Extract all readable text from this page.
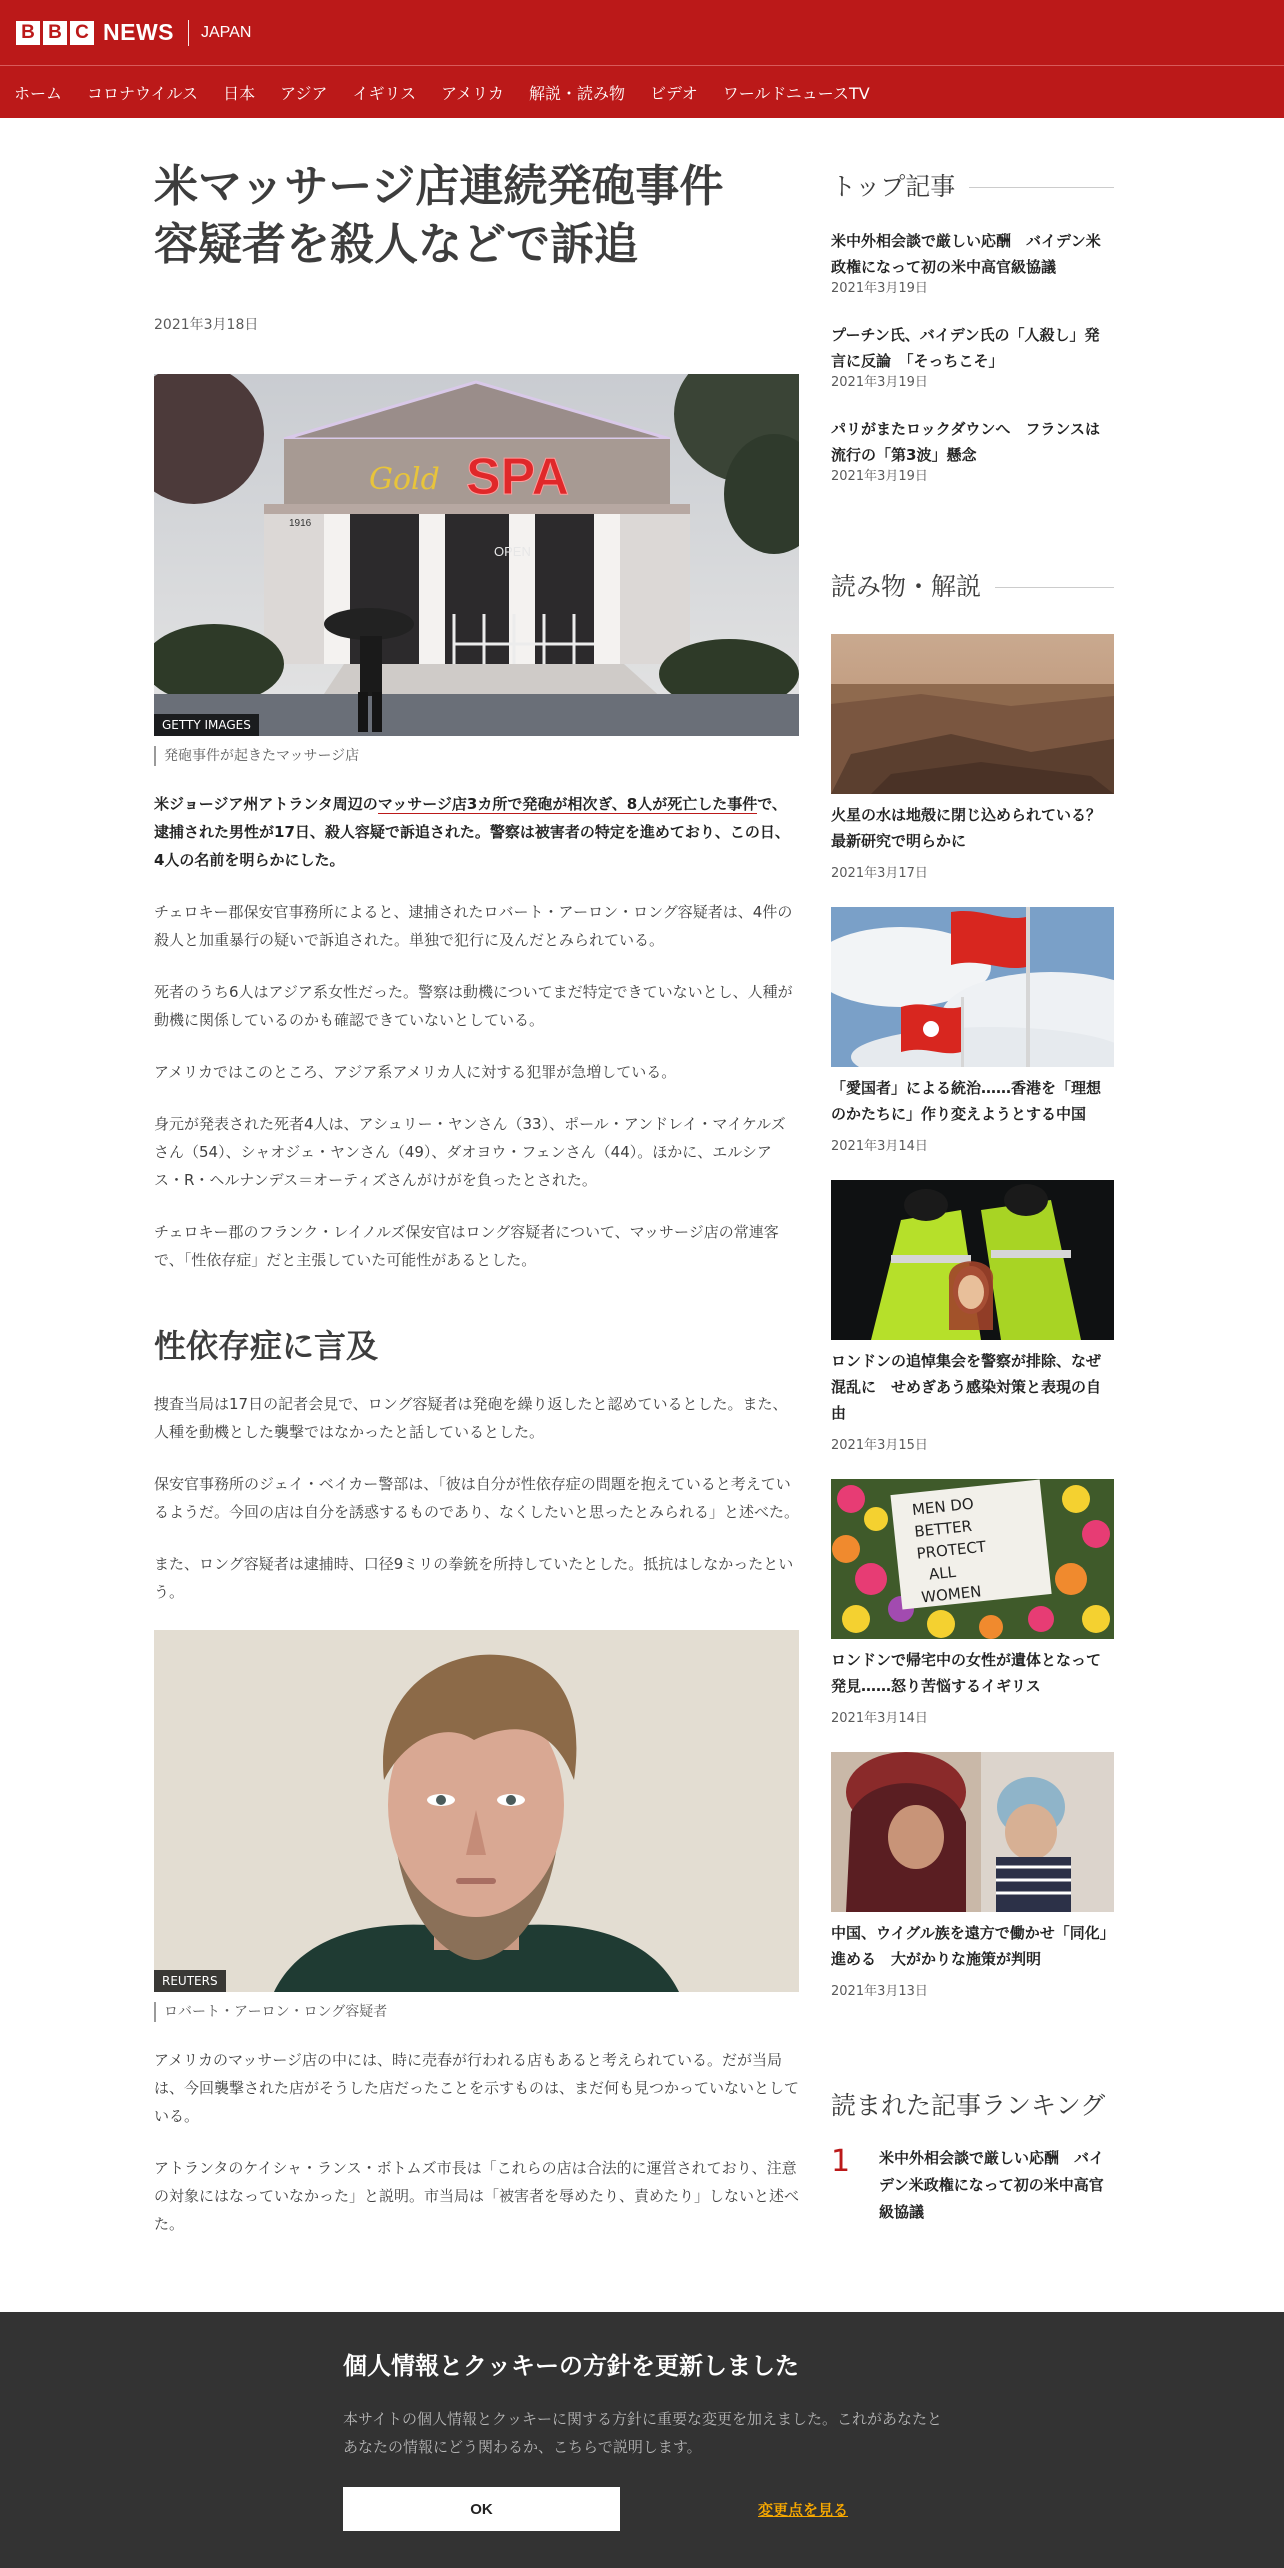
B B C NEWS JAPAN
ホーム コロナウイルス 日本 アジア イギリス アメリカ 解説・読み物 ビデオ ワールドニュースTV
米マッサージ店連続発砲事件
容疑者を殺人などで訴追
2021年3月18日
Gold SPA
OPEN
1916
GETTY IMAGES
発砲事件が起きたマッサージ店

米ジョージア州アトランタ周辺のマッサージ店3カ所で発砲が相次ぎ、8人が死亡した事件で、逮捕された男性が17日、殺人容疑で訴追された。警察は被害者の特定を進めており、この日、4人の名前を明らかにした。

チェロキー郡保安官事務所によると、逮捕されたロバート・アーロン・ロング容疑者は、4件の殺人と加重暴行の疑いで訴追された。単独で犯行に及んだとみられている。

死者のうち6人はアジア系女性だった。警察は動機についてまだ特定できていないとし、人種が動機に関係しているのかも確認できていないとしている。

アメリカではこのところ、アジア系アメリカ人に対する犯罪が急増している。

身元が発表された死者4人は、アシュリー・ヤンさん（33）、ポール・アンドレイ・マイケルズさん（54）、シャオジェ・ヤンさん（49）、ダオヨウ・フェンさん（44）。ほかに、エルシアス・R・ヘルナンデス＝オーティズさんがけがを負ったとされた。

チェロキー郡のフランク・レイノルズ保安官はロング容疑者について、マッサージ店の常連客で、「性依存症」だと主張していた可能性があるとした。

性依存症に言及

捜査当局は17日の記者会見で、ロング容疑者は発砲を繰り返したと認めているとした。また、人種を動機とした襲撃ではなかったと話しているとした。

保安官事務所のジェイ・ベイカー警部は、「彼は自分が性依存症の問題を抱えていると考えているようだ。今回の店は自分を誘惑するものであり、なくしたいと思ったとみられる」と述べた。

また、ロング容疑者は逮捕時、口径9ミリの拳銃を所持していたとした。抵抗はしなかったという。

REUTERS
ロバート・アーロン・ロング容疑者

アメリカのマッサージ店の中には、時に売春が行われる店もあると考えられている。だが当局は、今回襲撃された店がそうした店だったことを示すものは、まだ何も見つかっていないとしている。

アトランタのケイシャ・ランス・ボトムズ市長は「これらの店は合法的に運営されており、注意の対象にはなっていなかった」と説明。市当局は「被害者を辱めたり、責めたり」しないと述べた。

トップ記事
米中外相会談で厳しい応酬　バイデン米政権になって初の米中高官級協議
2021年3月19日
プーチン氏、バイデン氏の「人殺し」発言に反論　「そっちこそ」
2021年3月19日
パリがまたロックダウンへ　フランスは流行の「第3波」懸念
2021年3月19日
読み物・解説
火星の水は地殻に閉じ込められている？　最新研究で明らかに
2021年3月17日
「愛国者」による統治……香港を「理想のかたちに」作り変えようとする中国
2021年3月14日
ロンドンの追悼集会を警察が排除、なぜ混乱に　せめぎあう感染対策と表現の自由
2021年3月15日
MEN DO
BETTER
PROTECT
ALL
WOMEN
ロンドンで帰宅中の女性が遺体となって発見……怒り苦悩するイギリス
2021年3月14日
中国、ウイグル族を遠方で働かせ「同化」進める　大がかりな施策が判明
2021年3月13日
読まれた記事ランキング
1	米中外相会談で厳しい応酬　バイデン米政権になって初の米中高官級協議
個人情報とクッキーの方針を更新しました
本サイトの個人情報とクッキーに関する方針に重要な変更を加えました。これがあなたとあなたの情報にどう関わるか、こちらで説明します。
OK	変更点を見る
